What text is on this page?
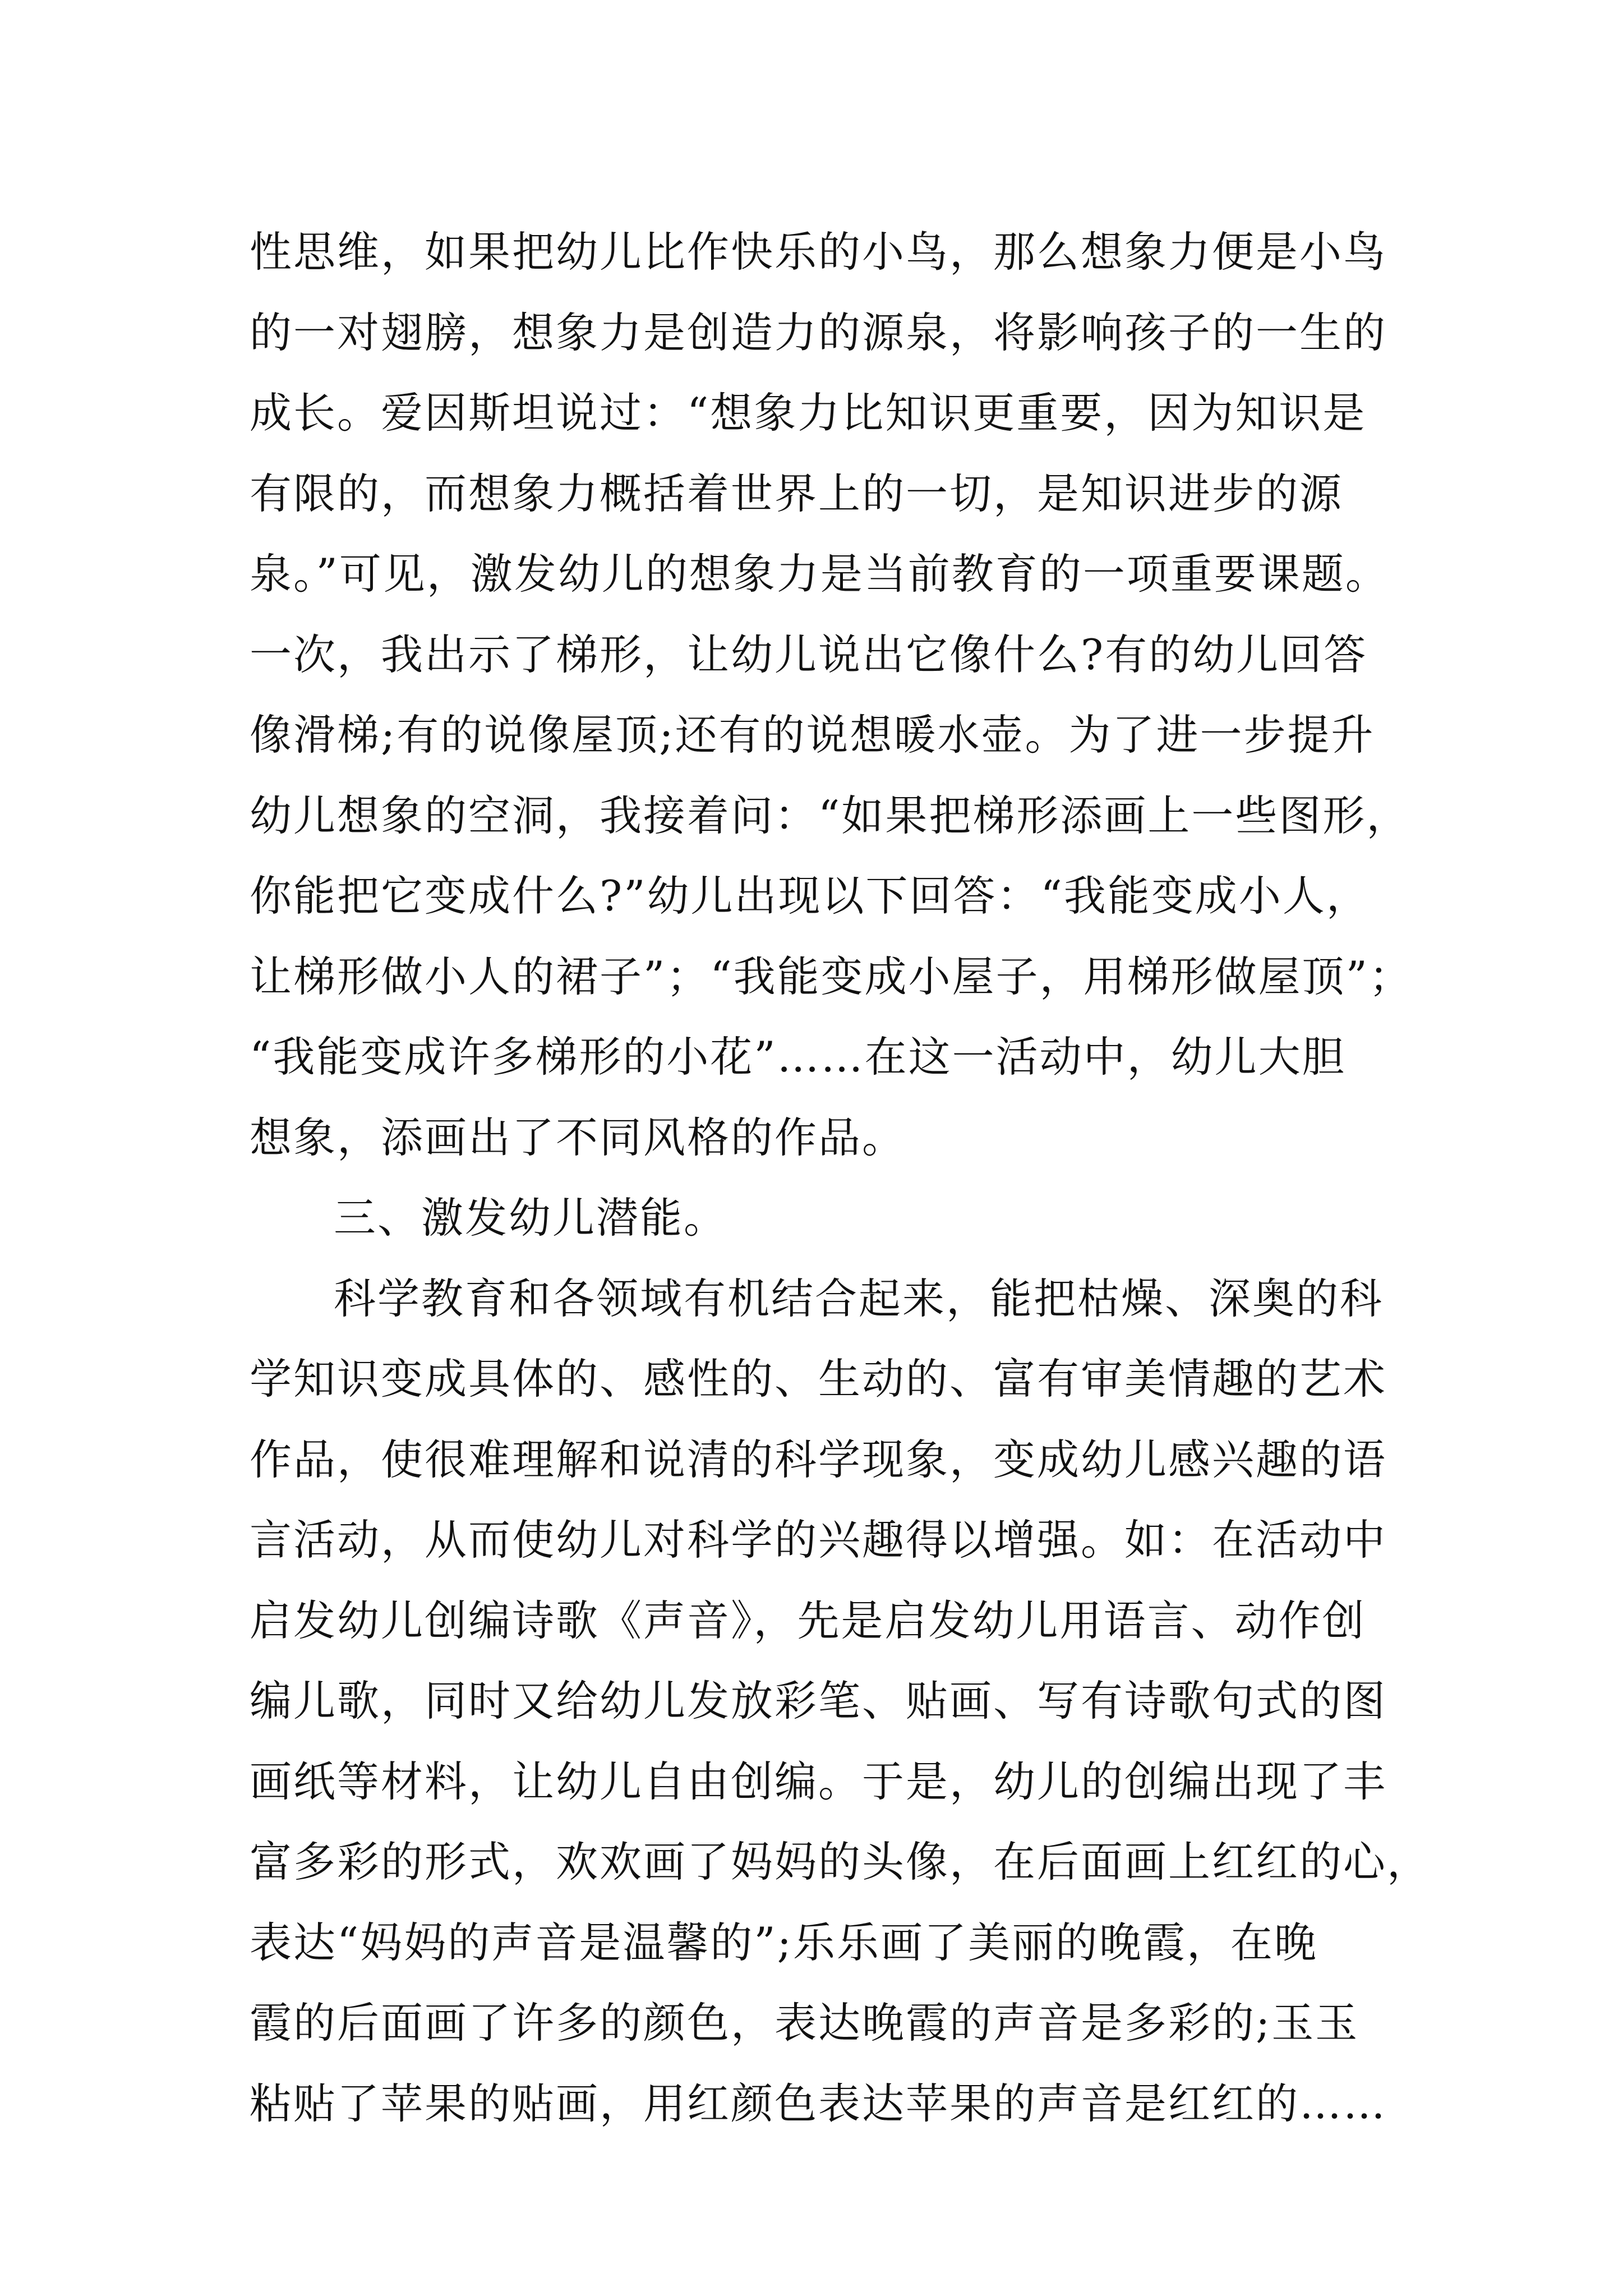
性思维，如果把幼儿比作快乐的小鸟，那么想象力便是小鸟
的一对翅膀，想象力是创造力的源泉，将影响孩子的一生的
成长。爱因斯坦说过：“想象力比知识更重要，因为知识是
有限的，而想象力概括着世界上的一切，是知识进步的源
泉。”可见，激发幼儿的想象力是当前教育的一项重要课题。
一次，我出示了梯形，让幼儿说出它像什么?有的幼儿回答
像滑梯;有的说像屋顶;还有的说想暖水壶。为了进一步提升
幼儿想象的空洞，我接着问：“如果把梯形添画上一些图形，
你能把它变成什么?”幼儿出现以下回答：“我能变成小人，
让梯形做小人的裙子”；“我能变成小屋子，用梯形做屋顶”；
“我能变成许多梯形的小花”……在这一活动中，幼儿大胆
想象，添画出了不同风格的作品。
三、激发幼儿潜能。
科学教育和各领域有机结合起来，能把枯燥、深奥的科
学知识变成具体的、感性的、生动的、富有审美情趣的艺术
作品，使很难理解和说清的科学现象，变成幼儿感兴趣的语
言活动，从而使幼儿对科学的兴趣得以增强。如：在活动中
启发幼儿创编诗歌《声音》，先是启发幼儿用语言、动作创
编儿歌，同时又给幼儿发放彩笔、贴画、写有诗歌句式的图
画纸等材料，让幼儿自由创编。于是，幼儿的创编出现了丰
富多彩的形式，欢欢画了妈妈的头像，在后面画上红红的心，
表达“妈妈的声音是温馨的”;乐乐画了美丽的晚霞，在晚
霞的后面画了许多的颜色，表达晚霞的声音是多彩的;玉玉
粘贴了苹果的贴画，用红颜色表达苹果的声音是红红的……
